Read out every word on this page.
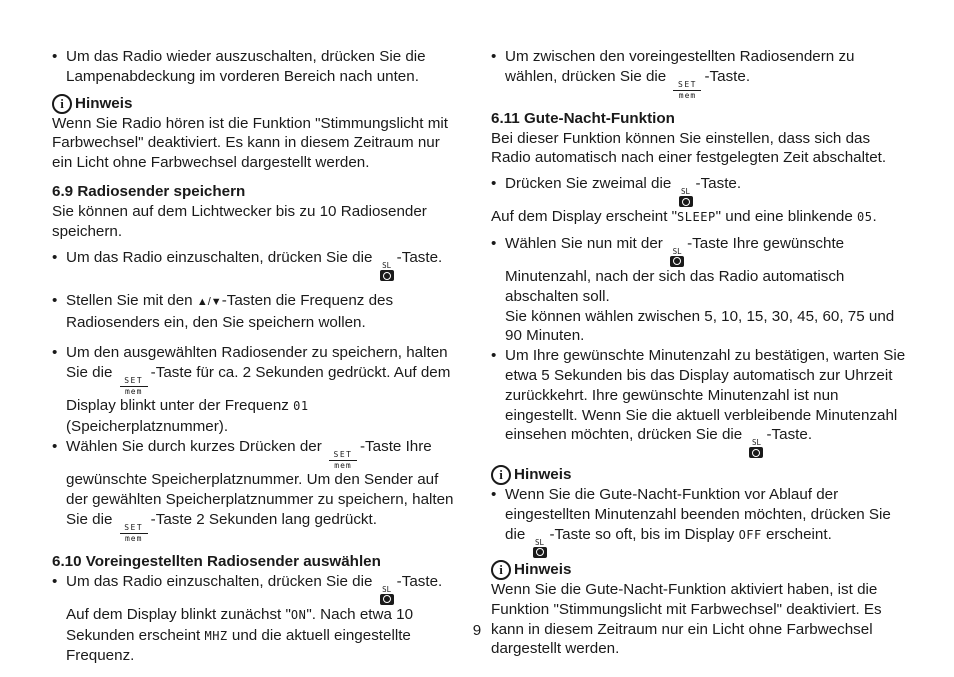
• Um das Radio wieder auszuschalten, drücken Sie die Lampenabdeckung im vorderen Bereich nach unten.

i Hinweis

Wenn Sie Radio hören ist die Funktion "Stimmungslicht mit Farbwechsel" deaktiviert. Es kann in diesem Zeitraum nur ein Licht ohne Farbwechsel dargestellt werden.

6.9 Radiosender speichern

Sie können auf dem Lichtwecker bis zu 10 Radiosender speichern.

• Um das Radio einzuschalten, drücken Sie die SL -Taste.

• Stellen Sie mit den ▲/▼-Tasten die Frequenz des Radiosenders ein, den Sie speichern wollen.

• Um den ausgewählten Radiosender zu speichern, halten Sie die SET
mem
-Taste für ca. 2 Sekunden gedrückt. Auf dem Display blinkt unter der Frequenz 01 (Speicherplatznummer).

• Wählen Sie durch kurzes Drücken der SET
mem
-Taste Ihre gewünschte Speicherplatznummer. Um den Sender auf der gewählten Speicherplatznummer zu speichern, halten Sie die SET
mem
-Taste 2 Sekunden lang gedrückt.

6.10 Voreingestellten Radiosender auswählen

• Um das Radio einzuschalten, drücken Sie die SL -Taste. Auf dem Display blinkt zunächst "ON". Nach etwa 10 Sekunden erscheint MHZ und die aktuell eingestellte Frequenz.

• Um zwischen den voreingestellten Radiosendern zu wählen, drücken Sie die SET
mem
-Taste.

6.11 Gute-Nacht-Funktion

Bei dieser Funktion können Sie einstellen, dass sich das Radio automatisch nach einer festgelegten Zeit abschaltet.

• Drücken Sie zweimal die SL -Taste.

Auf dem Display erscheint "SLEEP" und eine blinkende 05.

• Wählen Sie nun mit der SL -Taste Ihre gewünschte Minutenzahl, nach der sich das Radio automatisch abschalten soll.

Sie können wählen zwischen 5, 10, 15, 30, 45, 60, 75 und 90 Minuten.

• Um Ihre gewünschte Minutenzahl zu bestätigen, warten Sie etwa 5 Sekunden bis das Display automatisch zur Uhrzeit zurückkehrt. Ihre gewünschte Minutenzahl ist nun eingestellt. Wenn Sie die aktuell verbleibende Minutenzahl einsehen möchten, drücken Sie die SL -Taste.

i Hinweis

• Wenn Sie die Gute-Nacht-Funktion vor Ablauf der eingestellten Minutenzahl beenden möchten, drücken Sie die SL -Taste so oft, bis im Display OFF erscheint.

i Hinweis

Wenn Sie die Gute-Nacht-Funktion aktiviert haben, ist die Funktion "Stimmungslicht mit Farbwechsel" deaktiviert. Es kann in diesem Zeitraum nur ein Licht ohne Farbwechsel dargestellt werden.

9
